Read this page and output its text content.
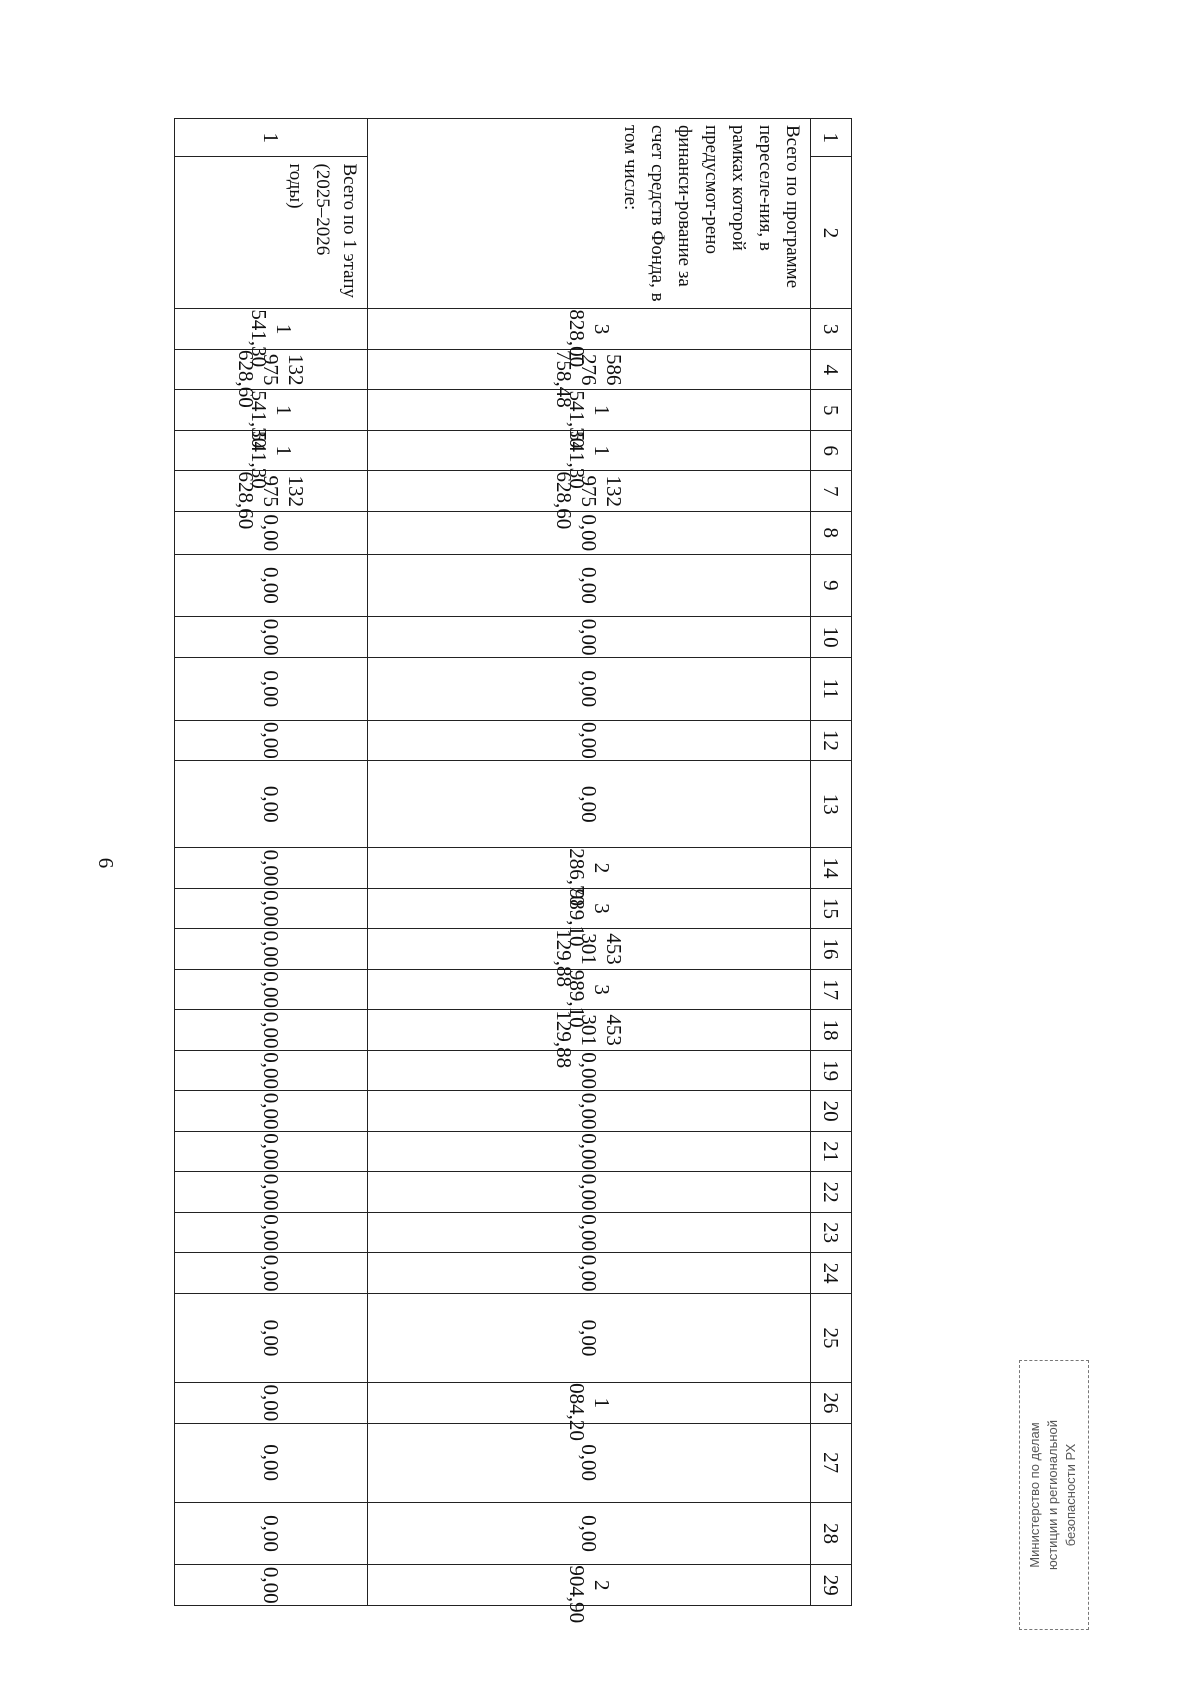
6
1	2	3	4	5	6	7	8	9	10	11	12	13	14	15	16	17	18	19	20	21	22	23	24	25	26	27	28	29
Всего по программе переселе-ния, в рамках которой предусмот-рено финанси-рование за счет средств Фонда, в том числе:		3 828,00	586 276 758,48	1 541,30	1 541,30	132 975 628,60	0,00	0,00	0,00	0,00	0,00	0,00	2 286,70	3 989,10	453 301 129,88	3 989,10	453 301 129,88	0,00	0,00	0,00	0,00	0,00	0,00	0,00	1 084,20	0,00	0,00	2 904,90
1	Всего по 1 этапу (2025–2026 годы)	1 541,30	132 975 628,60	1 541,30	1 541,30	132 975 628,60	0,00	0,00	0,00	0,00	0,00	0,00	0,00	0,00	0,00	0,00	0,00	0,00	0,00	0,00	0,00	0,00	0,00	0,00	0,00	0,00	0,00	0,00
Министерство по делам юстиции и региональной безопасности РХ
